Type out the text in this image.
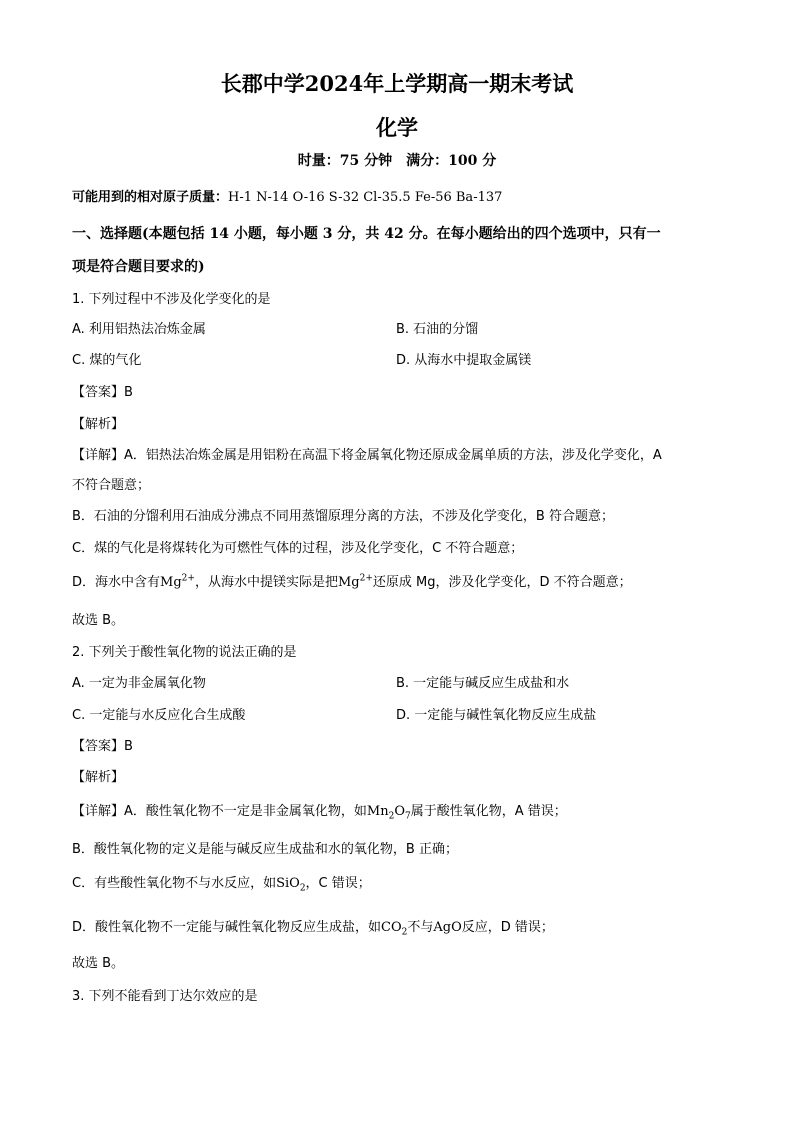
长郡中学2024年上学期高一期末考试
化学
时量：75 分钟　满分：100 分
可能用到的相对原子质量：H-1 N-14 O-16 S-32 Cl-35.5 Fe-56 Ba-137
一、选择题(本题包括 14 小题，每小题 3 分，共 42 分。在每小题给出的四个选项中，只有一
项是符合题目要求的)
1. 下列过程中不涉及化学变化的是
A. 利用铝热法冶炼金属	B. 石油的分馏
C. 煤的气化	D. 从海水中提取金属镁
【答案】B
【解析】
【详解】A．铝热法冶炼金属是用铝粉在高温下将金属氧化物还原成金属单质的方法，涉及化学变化，A
不符合题意；
B．石油的分馏利用石油成分沸点不同用蒸馏原理分离的方法，不涉及化学变化，B 符合题意；
C．煤的气化是将煤转化为可燃性气体的过程，涉及化学变化，C 不符合题意；
D．海水中含有$Mg^{2+}$，从海水中提镁实际是把$Mg^{2+}$还原成 Mg，涉及化学变化，D 不符合题意；
故选 B。
2. 下列关于酸性氧化物的说法正确的是
A. 一定为非金属氧化物	B. 一定能与碱反应生成盐和水
C. 一定能与水反应化合生成酸	D. 一定能与碱性氧化物反应生成盐
【答案】B
【解析】
【详解】A．酸性氧化物不一定是非金属氧化物，如$Mn_2O_7$属于酸性氧化物，A 错误；
B．酸性氧化物的定义是能与碱反应生成盐和水的氧化物，B 正确；
C．有些酸性氧化物不与水反应，如SiO$_2$，C 错误；
D．酸性氧化物不一定能与碱性氧化物反应生成盐，如$CO_2$不与AgO反应，D 错误；
故选 B。
3. 下列不能看到丁达尔效应的是
